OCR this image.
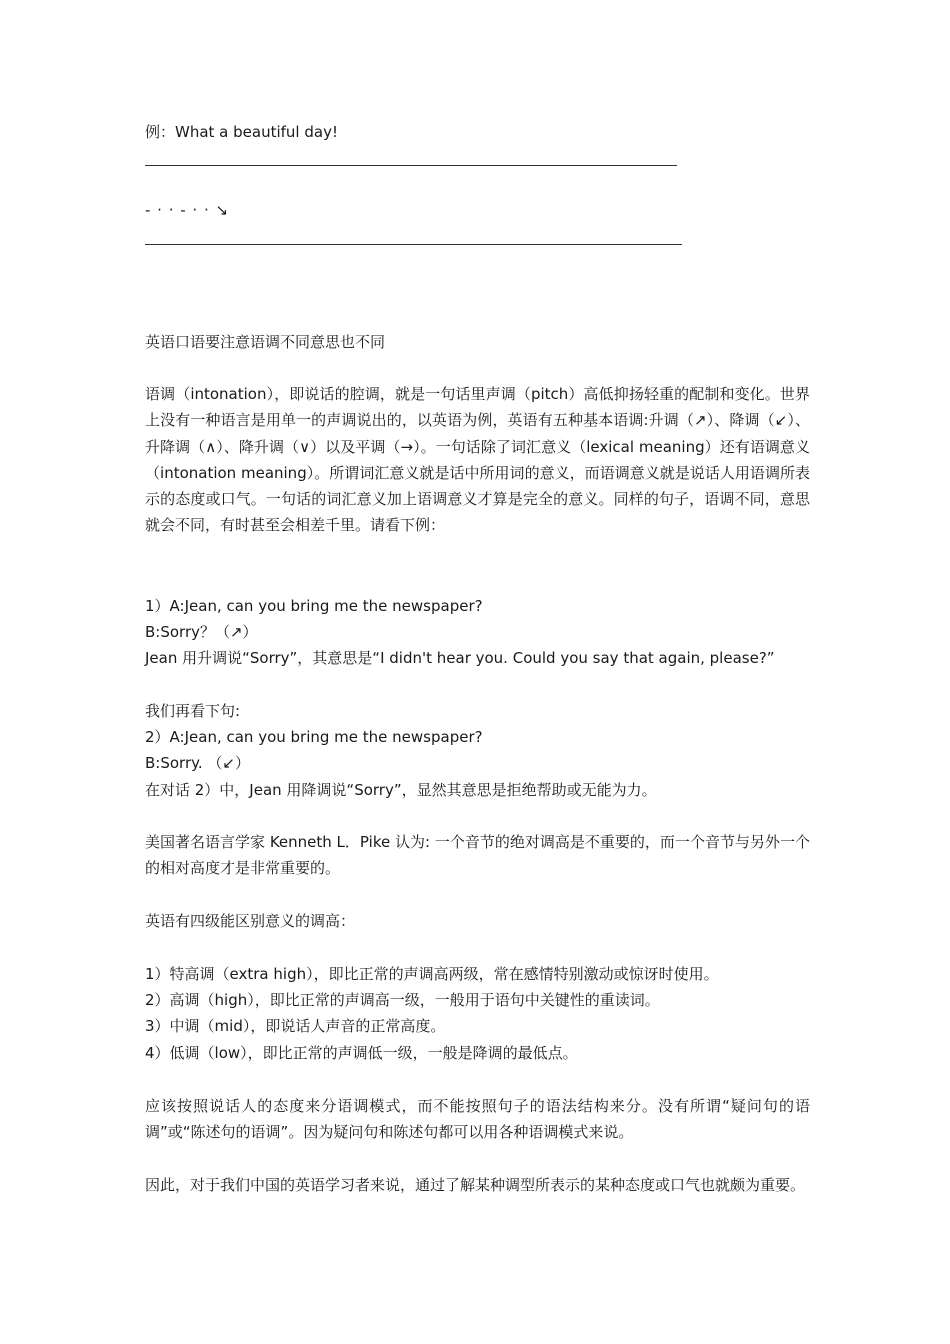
例：What a beautiful day!
- · · - · · ↘
英语口语要注意语调不同意思也不同
语调（intonation），即说话的腔调，就是一句话里声调（pitch）高低抑扬轻重的配制和变化。世界上没有一种语言是用单一的声调说出的，以英语为例，英语有五种基本语调:升调（↗）、降调（↙）、升降调（∧）、降升调（∨）以及平调（→）。一句话除了词汇意义（lexical meaning）还有语调意义（intonation meaning）。所谓词汇意义就是话中所用词的意义，而语调意义就是说话人用语调所表示的态度或口气。一句话的词汇意义加上语调意义才算是完全的意义。同样的句子，语调不同，意思就会不同，有时甚至会相差千里。请看下例：
1）A:Jean, can you bring me the newspaper?
B:Sorry？（↗）
Jean 用升调说“Sorry”，其意思是“I didn't hear you. Could you say that again, please?”
我们再看下句:
2）A:Jean, can you bring me the newspaper?
B:Sorry. （↙）
在对话 2）中，Jean 用降调说“Sorry”，显然其意思是拒绝帮助或无能为力。
美国著名语言学家 Kenneth L．Pike 认为: 一个音节的绝对调高是不重要的，而一个音节与另外一个的相对高度才是非常重要的。
英语有四级能区别意义的调高：
1）特高调（extra high），即比正常的声调高两级，常在感情特别激动或惊讶时使用。
2）高调（high），即比正常的声调高一级，一般用于语句中关键性的重读词。
3）中调（mid），即说话人声音的正常高度。
4）低调（low），即比正常的声调低一级，一般是降调的最低点。
应该按照说话人的态度来分语调模式，而不能按照句子的语法结构来分。没有所谓“疑问句的语调”或“陈述句的语调”。因为疑问句和陈述句都可以用各种语调模式来说。
因此，对于我们中国的英语学习者来说，通过了解某种调型所表示的某种态度或口气也就颇为重要。
